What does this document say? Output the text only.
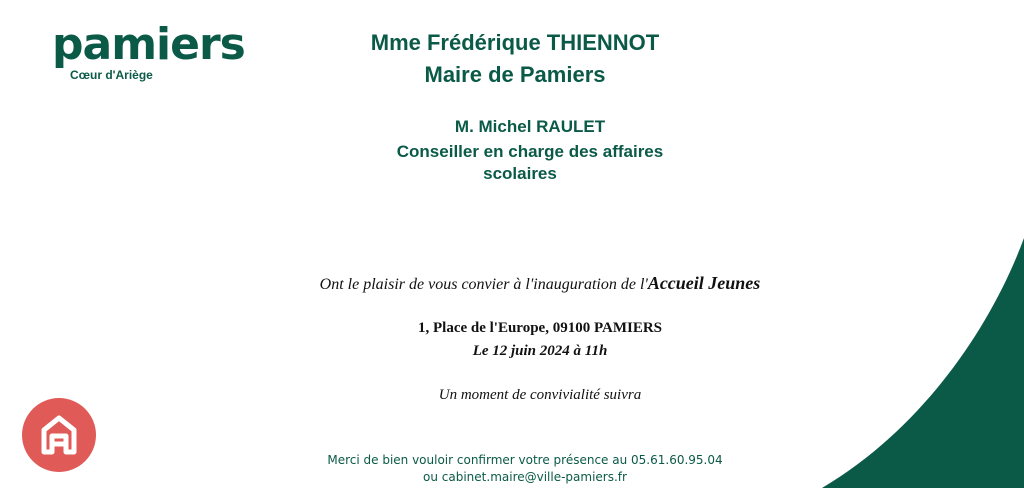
pamiers
Cœur d'Ariège
Mme Frédérique THIENNOT
Maire de Pamiers
M. Michel RAULET
Conseiller en charge des affaires
scolaires
Ont le plaisir de vous convier à l'inauguration de l'Accueil Jeunes
1, Place de l'Europe, 09100 PAMIERS
Le 12 juin 2024 à 11h
Un moment de convivialité suivra
Merci de bien vouloir confirmer votre présence au 05.61.60.95.04
ou cabinet.maire@ville-pamiers.fr
